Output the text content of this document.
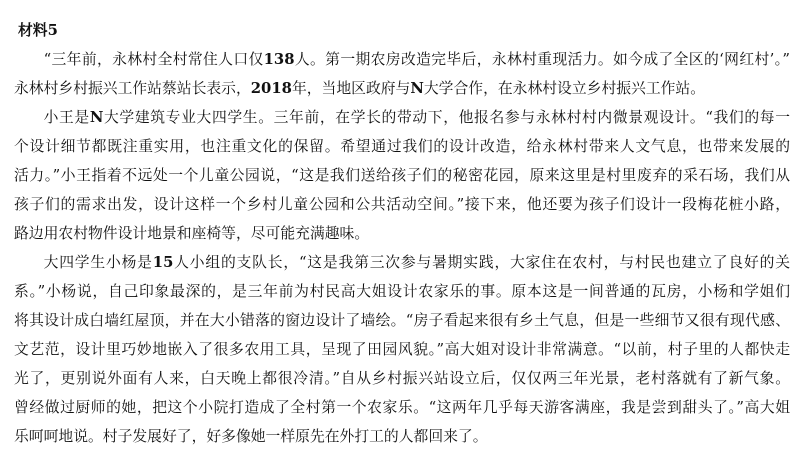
材料5
“三年前，永林村全村常住人口仅138人。第一期农房改造完毕后，永林村重现活力。如今成了全区的‘网红村’。”
永林村乡村振兴工作站蔡站长表示，2018年，当地区政府与N大学合作，在永林村设立乡村振兴工作站。
小王是N大学建筑专业大四学生。三年前，在学长的带动下，他报名参与永林村村内微景观设计。“我们的每一
个设计细节都既注重实用，也注重文化的保留。希望通过我们的设计改造，给永林村带来人文气息，也带来发展的
活力。”小王指着不远处一个儿童公园说，“这是我们送给孩子们的秘密花园，原来这里是村里废弃的采石场，我们从
孩子们的需求出发，设计这样一个乡村儿童公园和公共活动空间。”接下来，他还要为孩子们设计一段梅花桩小路，
路边用农村物件设计地景和座椅等，尽可能充满趣味。
大四学生小杨是15人小组的支队长，“这是我第三次参与暑期实践，大家住在农村，与村民也建立了良好的关
系。”小杨说，自己印象最深的，是三年前为村民高大姐设计农家乐的事。原本这是一间普通的瓦房，小杨和学姐们
将其设计成白墙红屋顶，并在大小错落的窗边设计了墙绘。“房子看起来很有乡土气息，但是一些细节又很有现代感、
文艺范，设计里巧妙地嵌入了很多农用工具，呈现了田园风貌。”高大姐对设计非常满意。“以前，村子里的人都快走
光了，更别说外面有人来，白天晚上都很冷清。”自从乡村振兴站设立后，仅仅两三年光景，老村落就有了新气象。
曾经做过厨师的她，把这个小院打造成了全村第一个农家乐。“这两年几乎每天游客满座，我是尝到甜头了。”高大姐
乐呵呵地说。村子发展好了，好多像她一样原先在外打工的人都回来了。
